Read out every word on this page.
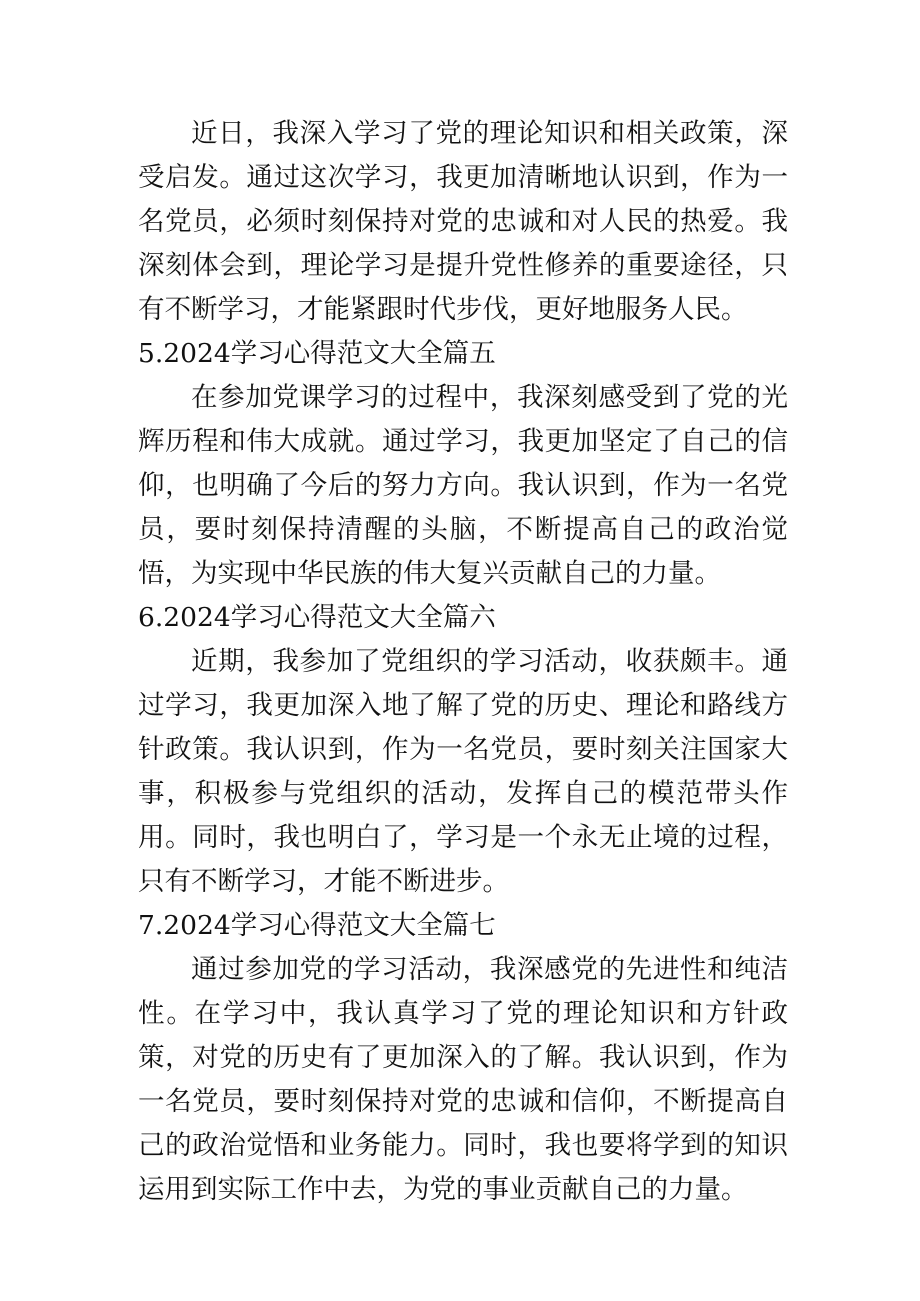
近日，我深入学习了党的理论知识和相关政策，深受启发。通过这次学习，我更加清晰地认识到，作为一名党员，必须时刻保持对党的忠诚和对人民的热爱。我深刻体会到，理论学习是提升党性修养的重要途径，只有不断学习，才能紧跟时代步伐，更好地服务人民。

5.2024学习心得范文大全篇五

在参加党课学习的过程中，我深刻感受到了党的光辉历程和伟大成就。通过学习，我更加坚定了自己的信仰，也明确了今后的努力方向。我认识到，作为一名党员，要时刻保持清醒的头脑，不断提高自己的政治觉悟，为实现中华民族的伟大复兴贡献自己的力量。

6.2024学习心得范文大全篇六

近期，我参加了党组织的学习活动，收获颇丰。通过学习，我更加深入地了解了党的历史、理论和路线方针政策。我认识到，作为一名党员，要时刻关注国家大事，积极参与党组织的活动，发挥自己的模范带头作用。同时，我也明白了，学习是一个永无止境的过程，只有不断学习，才能不断进步。

7.2024学习心得范文大全篇七

通过参加党的学习活动，我深感党的先进性和纯洁性。在学习中，我认真学习了党的理论知识和方针政策，对党的历史有了更加深入的了解。我认识到，作为一名党员，要时刻保持对党的忠诚和信仰，不断提高自己的政治觉悟和业务能力。同时，我也要将学到的知识运用到实际工作中去，为党的事业贡献自己的力量。
